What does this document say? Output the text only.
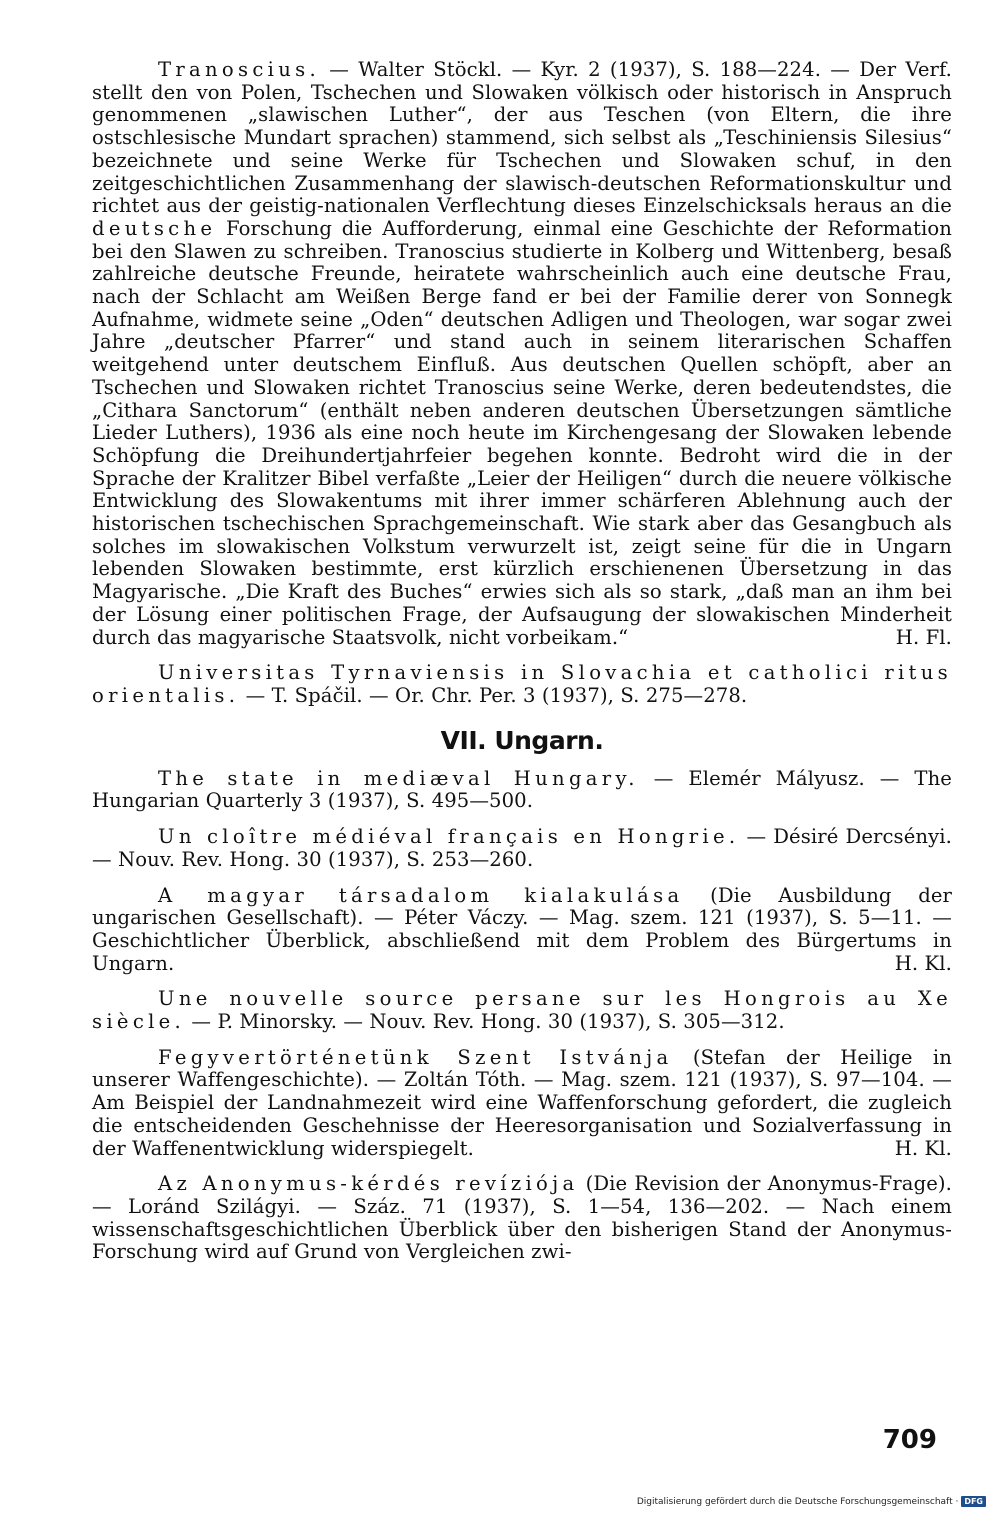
Tranoscius. — Walter Stöckl. — Kyr. 2 (1937), S. 188—224. — Der Verf. stellt den von Polen, Tschechen und Slowaken völkisch oder historisch in Anspruch genommenen „slawischen Luther“, der aus Teschen (von Eltern, die ihre ostschlesische Mundart sprachen) stammend, sich selbst als „Teschiniensis Silesius“ bezeichnete und seine Werke für Tschechen und Slowaken schuf, in den zeitgeschichtlichen Zusammenhang der slawisch-deutschen Reformationskultur und richtet aus der geistig-nationalen Verflechtung dieses Einzelschicksals heraus an die deutsche Forschung die Aufforderung, einmal eine Geschichte der Reformation bei den Slawen zu schreiben. Tranoscius studierte in Kolberg und Wittenberg, besaß zahlreiche deutsche Freunde, heiratete wahrscheinlich auch eine deutsche Frau, nach der Schlacht am Weißen Berge fand er bei der Familie derer von Sonnegk Aufnahme, widmete seine „Oden“ deutschen Adligen und Theologen, war sogar zwei Jahre „deutscher Pfarrer“ und stand auch in seinem literarischen Schaffen weitgehend unter deutschem Einfluß. Aus deutschen Quellen schöpft, aber an Tschechen und Slowaken richtet Tranoscius seine Werke, deren bedeutendstes, die „Cithara Sanctorum“ (enthält neben anderen deutschen Übersetzungen sämtliche Lieder Luthers), 1936 als eine noch heute im Kirchengesang der Slowaken lebende Schöpfung die Dreihundertjahrfeier begehen konnte. Bedroht wird die in der Sprache der Kralitzer Bibel verfaßte „Leier der Heiligen“ durch die neuere völkische Entwicklung des Slowakentums mit ihrer immer schärferen Ablehnung auch der historischen tschechischen Sprachgemeinschaft. Wie stark aber das Gesangbuch als solches im slowakischen Volkstum verwurzelt ist, zeigt seine für die in Ungarn lebenden Slowaken bestimmte, erst kürzlich erschienenen Übersetzung in das Magyarische. „Die Kraft des Buches“ erwies sich als so stark, „daß man an ihm bei der Lösung einer politischen Frage, der Aufsaugung der slowakischen Minderheit durch das magyarische Staatsvolk, nicht vorbeikam.“	H. Fl.

Universitas Tyrnaviensis in Slovachia et catholici ritus orientalis. — T. Spáčil. — Or. Chr. Per. 3 (1937), S. 275—278.

VII. Ungarn.

The state in mediæval Hungary. — Elemér Mályusz. — The Hungarian Quarterly 3 (1937), S. 495—500.

Un cloître médiéval français en Hongrie. — Désiré Dercsényi. — Nouv. Rev. Hong. 30 (1937), S. 253—260.

A magyar társadalom kialakulása (Die Ausbildung der ungarischen Gesellschaft). — Péter Váczy. — Mag. szem. 121 (1937), S. 5—11. — Geschichtlicher Überblick, abschließend mit dem Problem des Bürgertums in Ungarn.	H. Kl.

Une nouvelle source persane sur les Hongrois au Xe siècle. — P. Minorsky. — Nouv. Rev. Hong. 30 (1937), S. 305—312.

Fegyvertörténetünk Szent Istvánja (Stefan der Heilige in unserer Waffengeschichte). — Zoltán Tóth. — Mag. szem. 121 (1937), S. 97—104. — Am Beispiel der Landnahmezeit wird eine Waffenforschung gefordert, die zugleich die entscheidenden Geschehnisse der Heeresorganisation und Sozialverfassung in der Waffenentwicklung widerspiegelt.	H. Kl.

Az Anonymus-kérdés revíziója (Die Revision der Anonymus-Frage). — Loránd Szilágyi. — Száz. 71 (1937), S. 1—54, 136—202. — Nach einem wissenschaftsgeschichtlichen Überblick über den bisherigen Stand der Anonymus-Forschung wird auf Grund von Vergleichen zwi-

709
Digitalisierung gefördert durch die Deutsche Forschungsgemeinschaft · DFG
